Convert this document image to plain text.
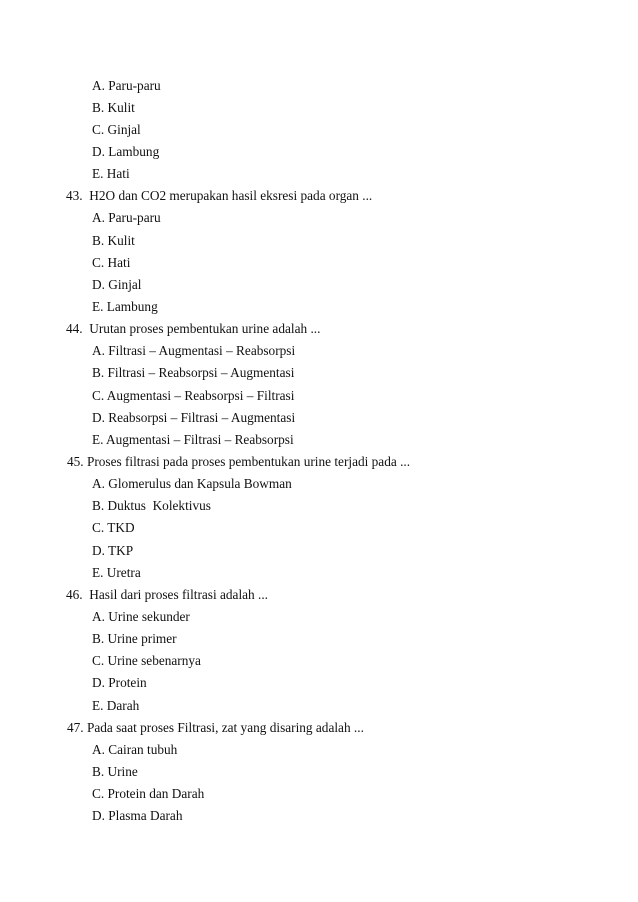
A. Paru-paru
B. Kulit
C. Ginjal
D. Lambung
E. Hati
43.  H2O dan CO2 merupakan hasil eksresi pada organ ...
A. Paru-paru
B. Kulit
C. Hati
D. Ginjal
E. Lambung
44.  Urutan proses pembentukan urine adalah ...
A. Filtrasi – Augmentasi – Reabsorpsi
B. Filtrasi – Reabsorpsi – Augmentasi
C. Augmentasi – Reabsorpsi – Filtrasi
D. Reabsorpsi – Filtrasi – Augmentasi
E. Augmentasi – Filtrasi – Reabsorpsi
45. Proses filtrasi pada proses pembentukan urine terjadi pada ...
A. Glomerulus dan Kapsula Bowman
B. Duktus  Kolektivus
C. TKD
D. TKP
E. Uretra
46.  Hasil dari proses filtrasi adalah ...
A. Urine sekunder
B. Urine primer
C. Urine sebenarnya
D. Protein
E. Darah
47. Pada saat proses Filtrasi, zat yang disaring adalah ...
A. Cairan tubuh
B. Urine
C. Protein dan Darah
D. Plasma Darah
